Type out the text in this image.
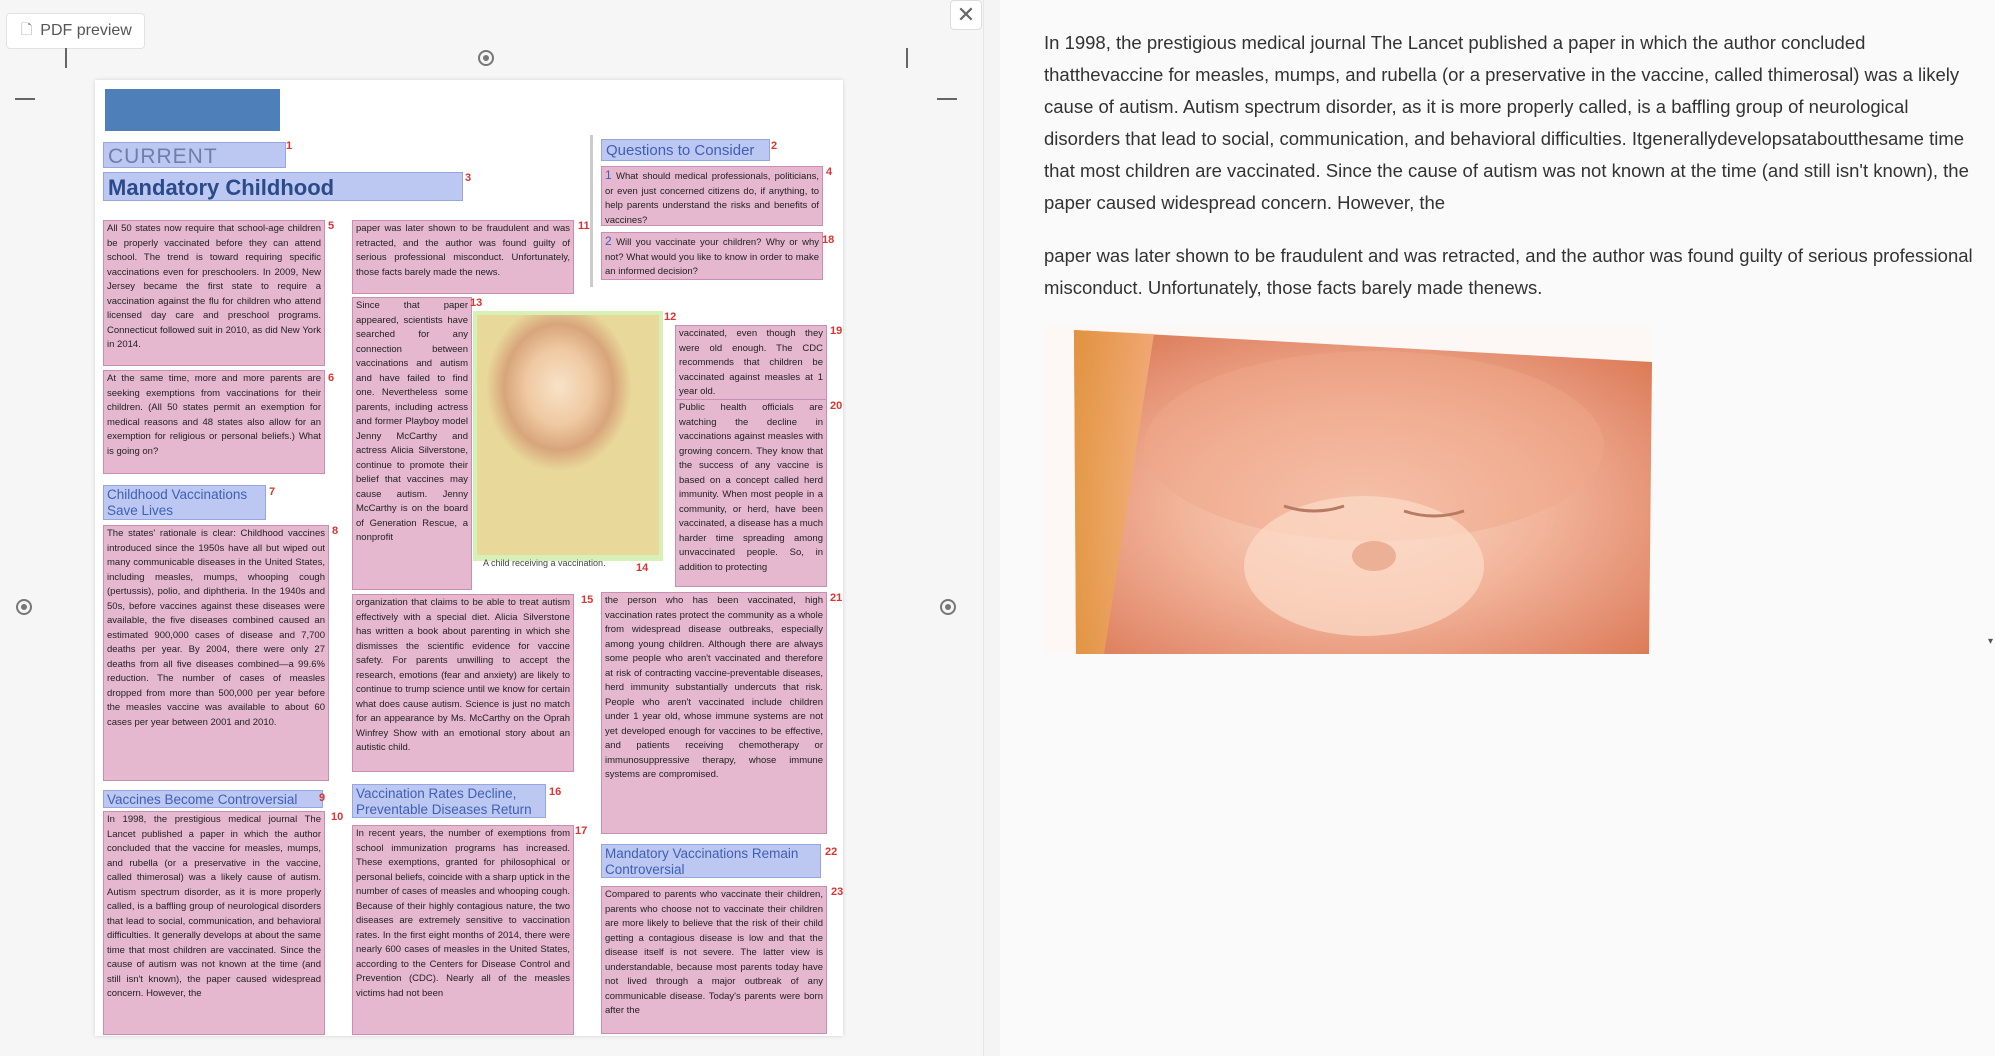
🗋 PDF preview
✕
CURRENT
Mandatory Childhood
All 50 states now require that school-age children be properly vaccinated before they can attend school. The trend is toward requiring specific vaccinations even for preschoolers. In 2009, New Jersey became the first state to require a vaccination against the flu for children who attend licensed day care and preschool programs. Connecticut followed suit in 2010, as did New York in 2014.
At the same time, more and more parents are seeking exemptions from vaccinations for their children. (All 50 states permit an exemption for medical reasons and 48 states also allow for an exemption for religious or personal beliefs.) What is going on?
Childhood Vaccinations Save Lives
The states' rationale is clear: Childhood vaccines introduced since the 1950s have all but wiped out many communicable diseases in the United States, including measles, mumps, whooping cough (pertussis), polio, and diphtheria. In the 1940s and 50s, before vaccines against these diseases were available, the five diseases combined caused an estimated 900,000 cases of disease and 7,700 deaths per year. By 2004, there were only 27 deaths from all five diseases combined—a 99.6% reduction. The number of cases of measles dropped from more than 500,000 per year before the measles vaccine was available to about 60 cases per year between 2001 and 2010.
Vaccines Become Controversial
In 1998, the prestigious medical journal The Lancet published a paper in which the author concluded that the vaccine for measles, mumps, and rubella (or a preservative in the vaccine, called thimerosal) was a likely cause of autism. Autism spectrum disorder, as it is more properly called, is a baffling group of neurological disorders that lead to social, communication, and behavioral difficulties. It generally develops at about the same time that most children are vaccinated. Since the cause of autism was not known at the time (and still isn't known), the paper caused widespread concern. However, the
paper was later shown to be fraudulent and was retracted, and the author was found guilty of serious professional misconduct. Unfortunately, those facts barely made the news.
Since that paper appeared, scientists have searched for any connection between vaccinations and autism and have failed to find one. Nevertheless some parents, including actress and former Playboy model Jenny McCarthy and actress Alicia Silverstone, continue to promote their belief that vaccines may cause autism. Jenny McCarthy is on the board of Generation Rescue, a nonprofit
A child receiving a vaccination.
organization that claims to be able to treat autism effectively with a special diet. Alicia Silverstone has written a book about parenting in which she dismisses the scientific evidence for vaccine safety. For parents unwilling to accept the research, emotions (fear and anxiety) are likely to continue to trump science until we know for certain what does cause autism. Science is just no match for an appearance by Ms. McCarthy on the Oprah Winfrey Show with an emotional story about an autistic child.
Vaccination Rates Decline, Preventable Diseases Return
In recent years, the number of exemptions from school immunization programs has increased. These exemptions, granted for philosophical or personal beliefs, coincide with a sharp uptick in the number of cases of measles and whooping cough. Because of their highly contagious nature, the two diseases are extremely sensitive to vaccination rates. In the first eight months of 2014, there were nearly 600 cases of measles in the United States, according to the Centers for Disease Control and Prevention (CDC). Nearly all of the measles victims had not been
Questions to Consider
1 What should medical professionals, politicians, or even just concerned citizens do, if anything, to help parents understand the risks and benefits of vaccines?
2 Will you vaccinate your children? Why or why not? What would you like to know in order to make an informed decision?
vaccinated, even though they were old enough. The CDC recommends that children be vaccinated against measles at 1 year old.
Public health officials are watching the decline in vaccinations against measles with growing concern. They know that the success of any vaccine is based on a concept called herd immunity. When most people in a community, or herd, have been vaccinated, a disease has a much harder time spreading among unvaccinated people. So, in addition to protecting
the person who has been vaccinated, high vaccination rates protect the community as a whole from widespread disease outbreaks, especially among young children. Although there are always some people who aren't vaccinated and therefore at risk of contracting vaccine-preventable diseases, herd immunity substantially undercuts that risk. People who aren't vaccinated include children under 1 year old, whose immune systems are not yet developed enough for vaccines to be effective, and patients receiving chemotherapy or immunosuppressive therapy, whose immune systems are compromised.
Mandatory Vaccinations Remain Controversial
Compared to parents who vaccinate their children, parents who choose not to vaccinate their children are more likely to believe that the risk of their child getting a contagious disease is low and that the disease itself is not severe. The latter view is understandable, because most parents today have not lived through a major outbreak of any communicable disease. Today's parents were born after the
1	2
3	4
5
6
7
8
9
10
11
12
13
14
15
16
17
18
19
20
21
22
23
In 1998, the prestigious medical journal The Lancet published a paper in which the author concluded thatthevaccine for measles, mumps, and rubella (or a preservative in the vaccine, called thimerosal) was a likely cause of autism. Autism spectrum disorder, as it is more properly called, is a baffling group of neurological disorders that lead to social, communication, and behavioral difficulties. Itgenerallydevelopsataboutthesame time that most children are vaccinated. Since the cause of autism was not known at the time (and still isn't known), the paper caused widespread concern. However, the
paper was later shown to be fraudulent and was retracted, and the author was found guilty of serious professional misconduct. Unfortunately, those facts barely made thenews.
▾
